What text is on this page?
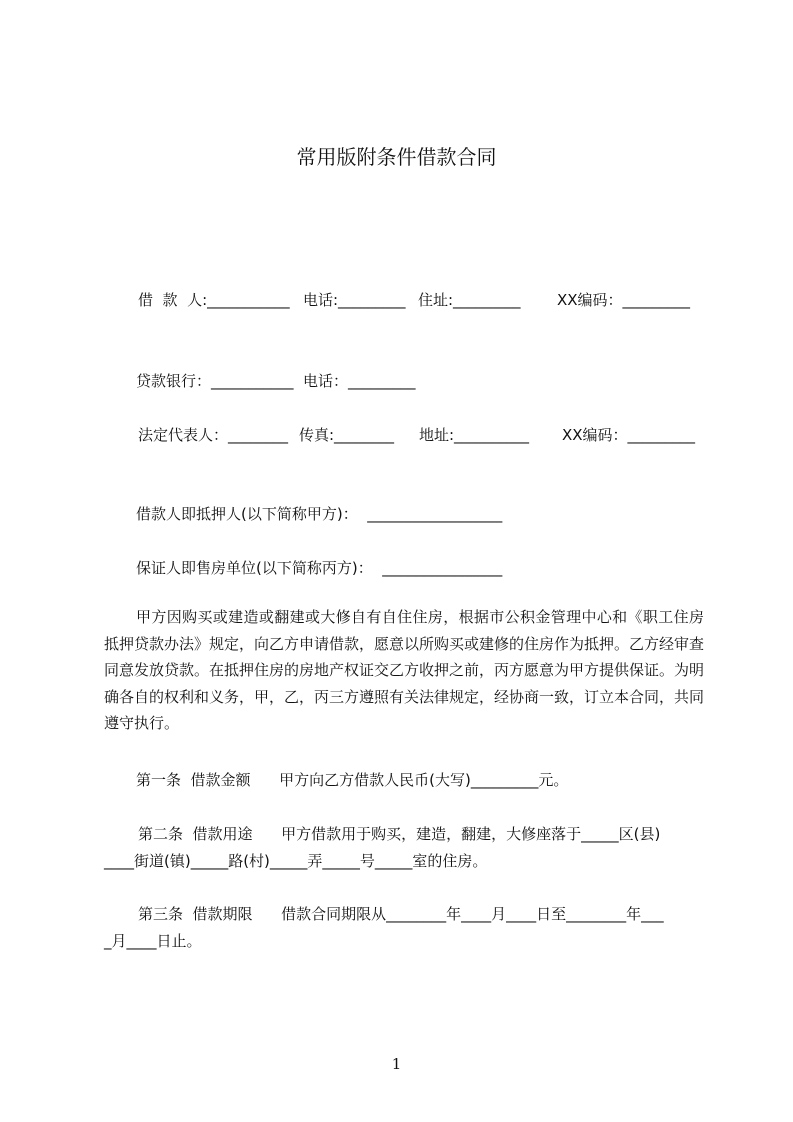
常用版附条件借款合同
借  款  人:___________ 电话:_________ 住址:_________ XX编码：_________
贷款银行：___________ 电话：_________
法定代表人：________ 传真:________ 地址:__________ XX编码：_________
借款人即抵押人(以下简称甲方)：  __________________
保证人即售房单位(以下简称丙方)：  ________________
甲方因购买或建造或翻建或大修自有自住住房，根据市公积金管理中心和《职工住房抵押贷款办法》规定，向乙方申请借款，愿意以所购买或建修的住房作为抵押。乙方经审查同意发放贷款。在抵押住房的房地产权证交乙方收押之前，丙方愿意为甲方提供保证。为明确各自的权利和义务，甲，乙，丙三方遵照有关法律规定，经协商一致，订立本合同，共同遵守执行。
第一条  借款金额      甲方向乙方借款人民币(大写)_________元。
第二条  借款用途      甲方借款用于购买，建造，翻建，大修座落于_____区(县)
____街道(镇)_____路(村)_____弄_____号_____室的住房。
第三条  借款期限      借款合同期限从________年____月____日至________年___
_月____日止。
1
